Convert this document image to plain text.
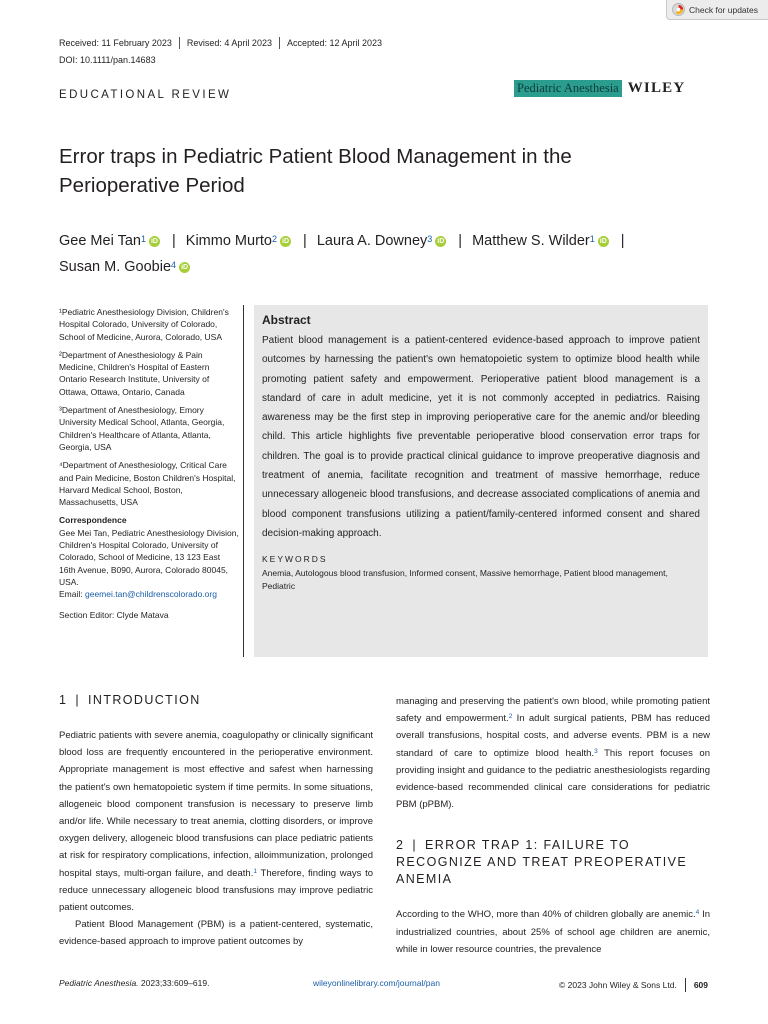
Check for updates
Received: 11 February 2023 Revised: 4 April 2023 Accepted: 12 April 2023
DOI: 10.1111/pan.14683
Pediatric Anesthesia WILEY
EDUCATIONAL REVIEW
Error traps in Pediatric Patient Blood Management in the Perioperative Period
Gee Mei Tan$^1$ iD | Kimmo Murto$^2$ iD | Laura A. Downey$^3$ iD | Matthew S. Wilder$^1$ iD |
Susan M. Goobie$^4$ iD

¹Pediatric Anesthesiology Division, Children's Hospital Colorado, University of Colorado, School of Medicine, Aurora, Colorado, USA

²Department of Anesthesiology & Pain Medicine, Children's Hospital of Eastern Ontario Research Institute, University of Ottawa, Ottawa, Ontario, Canada

³Department of Anesthesiology, Emory University Medical School, Atlanta, Georgia, Children's Healthcare of Atlanta, Atlanta, Georgia, USA

⁴Department of Anesthesiology, Critical Care and Pain Medicine, Boston Children's Hospital, Harvard Medical School, Boston, Massachusetts, USA

Correspondence

Gee Mei Tan, Pediatric Anesthesiology Division, Children's Hospital Colorado, University of Colorado, School of Medicine, 13 123 East 16th Avenue, B090, Aurora, Colorado 80045, USA.
Email: geemei.tan@childrenscolorado.org

Section Editor: Clyde Matava

Abstract

Patient blood management is a patient-centered evidence-based approach to improve patient outcomes by harnessing the patient's own hematopoietic system to optimize blood health while promoting patient safety and empowerment. Perioperative patient blood management is a standard of care in adult medicine, yet it is not commonly accepted in pediatrics. Raising awareness may be the first step in improving perioperative care for the anemic and/or bleeding child. This article highlights five preventable perioperative blood conservation error traps for children. The goal is to provide practical clinical guidance to improve preoperative diagnosis and treatment of anemia, facilitate recognition and treatment of massive hemorrhage, reduce unnecessary allogeneic blood transfusions, and decrease associated complications of anemia and blood component transfusions utilizing a patient/family-centered informed consent and shared decision-making approach.

KEYWORDS

Anemia, Autologous blood transfusion, Informed consent, Massive hemorrhage, Patient blood management, Pediatric

1 | INTRODUCTION

Pediatric patients with severe anemia, coagulopathy or clinically significant blood loss are frequently encountered in the perioperative environment. Appropriate management is most effective and safest when harnessing the patient's own hematopoietic system if time permits. In some situations, allogeneic blood component transfusion is necessary to preserve limb and/or life. While necessary to treat anemia, clotting disorders, or improve oxygen delivery, allogeneic blood transfusions can place pediatric patients at risk for respiratory complications, infection, alloimmunization, prolonged hospital stays, multi-organ failure, and death.$^1$ Therefore, finding ways to reduce unnecessary allogeneic blood transfusions may improve pediatric patient outcomes.

Patient Blood Management (PBM) is a patient-centered, systematic, evidence-based approach to improve patient outcomes by

managing and preserving the patient's own blood, while promoting patient safety and empowerment.$^2$ In adult surgical patients, PBM has reduced overall transfusions, hospital costs, and adverse events. PBM is a new standard of care to optimize blood health.$^3$ This report focuses on providing insight and guidance to the pediatric anesthesiologists regarding evidence-based recommended clinical care considerations for pediatric PBM (pPBM).

2 | ERROR TRAP 1: FAILURE TO RECOGNIZE AND TREAT PREOPERATIVE ANEMIA

According to the WHO, more than 40% of children globally are anemic.$^4$ In industrialized countries, about 25% of school age children are anemic, while in lower resource countries, the prevalence

Pediatric Anesthesia. 2023;33:609–619.	wileyonlinelibrary.com/journal/pan	© 2023 John Wiley & Sons Ltd. 609
